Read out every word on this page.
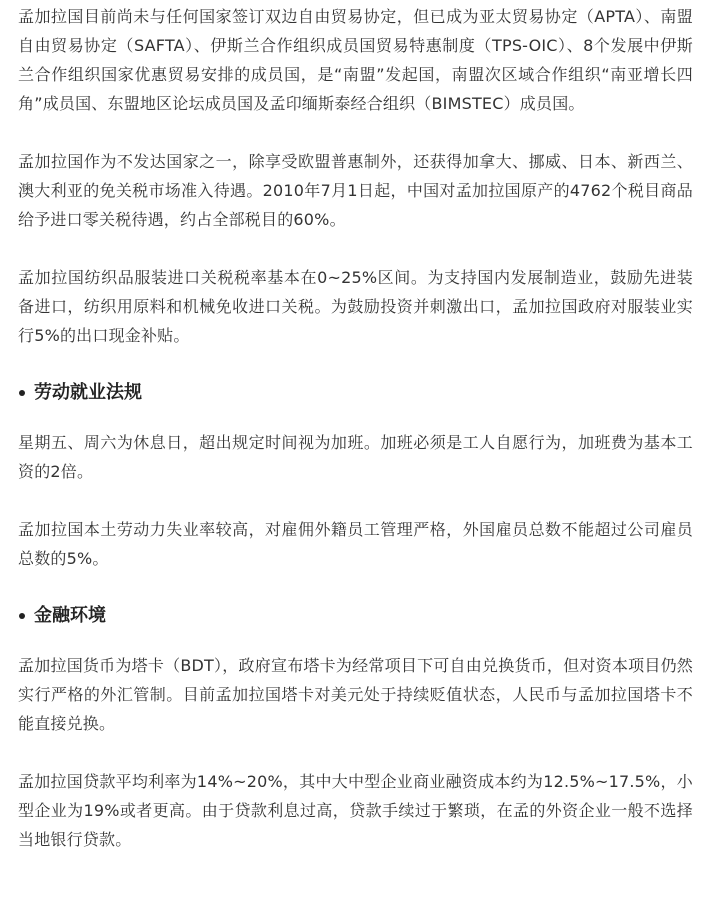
孟加拉国目前尚未与任何国家签订双边自由贸易协定，但已成为亚太贸易协定（APTA）、南盟自由贸易协定（SAFTA）、伊斯兰合作组织成员国贸易特惠制度（TPS-OIC）、8个发展中伊斯兰合作组织国家优惠贸易安排的成员国，是“南盟”发起国，南盟次区域合作组织“南亚增长四角”成员国、东盟地区论坛成员国及孟印缅斯泰经合组织（BIMSTEC）成员国。

孟加拉国作为不发达国家之一，除享受欧盟普惠制外，还获得加拿大、挪威、日本、新西兰、澳大利亚的免关税市场准入待遇。2010年7月1日起，中国对孟加拉国原产的4762个税目商品给予进口零关税待遇，约占全部税目的60%。

孟加拉国纺织品服装进口关税税率基本在0~25%区间。为支持国内发展制造业，鼓励先进装备进口，纺织用原料和机械免收进口关税。为鼓励投资并刺激出口，孟加拉国政府对服装业实行5%的出口现金补贴。

劳动就业法规

星期五、周六为休息日，超出规定时间视为加班。加班必须是工人自愿行为，加班费为基本工资的2倍。

孟加拉国本土劳动力失业率较高，对雇佣外籍员工管理严格，外国雇员总数不能超过公司雇员总数的5%。

金融环境

孟加拉国货币为塔卡（BDT），政府宣布塔卡为经常项目下可自由兑换货币，但对资本项目仍然实行严格的外汇管制。目前孟加拉国塔卡对美元处于持续贬值状态，人民币与孟加拉国塔卡不能直接兑换。

孟加拉国贷款平均利率为14%~20%，其中大中型企业商业融资成本约为12.5%~17.5%，小型企业为19%或者更高。由于贷款利息过高，贷款手续过于繁琐，在孟的外资企业一般不选择当地银行贷款。
